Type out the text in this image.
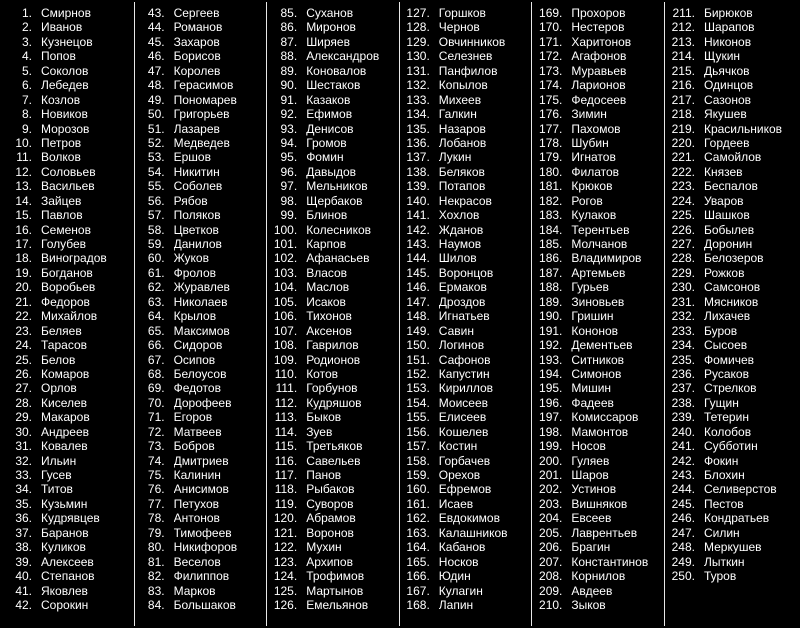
1. Смирнов
2. Иванов
3. Кузнецов
4. Попов
5. Соколов
6. Лебедев
7. Козлов
8. Новиков
9. Морозов
10. Петров
11. Волков
12. Соловьев
13. Васильев
14. Зайцев
15. Павлов
16. Семенов
17. Голубев
18. Виноградов
19. Богданов
20. Воробьев
21. Федоров
22. Михайлов
23. Беляев
24. Тарасов
25. Белов
26. Комаров
27. Орлов
28. Киселев
29. Макаров
30. Андреев
31. Ковалев
32. Ильин
33. Гусев
34. Титов
35. Кузьмин
36. Кудрявцев
37. Баранов
38. Куликов
39. Алексеев
40. Степанов
41. Яковлев
42. Сорокин
43. Сергеев
44. Романов
45. Захаров
46. Борисов
47. Королев
48. Герасимов
49. Пономарев
50. Григорьев
51. Лазарев
52. Медведев
53. Ершов
54. Никитин
55. Соболев
56. Рябов
57. Поляков
58. Цветков
59. Данилов
60. Жуков
61. Фролов
62. Журавлев
63. Николаев
64. Крылов
65. Максимов
66. Сидоров
67. Осипов
68. Белоусов
69. Федотов
70. Дорофеев
71. Егоров
72. Матвеев
73. Бобров
74. Дмитриев
75. Калинин
76. Анисимов
77. Петухов
78. Антонов
79. Тимофеев
80. Никифоров
81. Веселов
82. Филиппов
83. Марков
84. Большаков
85. Суханов
86. Миронов
87. Ширяев
88. Александров
89. Коновалов
90. Шестаков
91. Казаков
92. Ефимов
93. Денисов
94. Громов
95. Фомин
96. Давыдов
97. Мельников
98. Щербаков
99. Блинов
100. Колесников
101. Карпов
102. Афанасьев
103. Власов
104. Маслов
105. Исаков
106. Тихонов
107. Аксенов
108. Гаврилов
109. Родионов
110. Котов
111. Горбунов
112. Кудряшов
113. Быков
114. Зуев
115. Третьяков
116. Савельев
117. Панов
118. Рыбаков
119. Суворов
120. Абрамов
121. Воронов
122. Мухин
123. Архипов
124. Трофимов
125. Мартынов
126. Емельянов
127. Горшков
128. Чернов
129. Овчинников
130. Селезнев
131. Панфилов
132. Копылов
133. Михеев
134. Галкин
135. Назаров
136. Лобанов
137. Лукин
138. Беляков
139. Потапов
140. Некрасов
141. Хохлов
142. Жданов
143. Наумов
144. Шилов
145. Воронцов
146. Ермаков
147. Дроздов
148. Игнатьев
149. Савин
150. Логинов
151. Сафонов
152. Капустин
153. Кириллов
154. Моисеев
155. Елисеев
156. Кошелев
157. Костин
158. Горбачев
159. Орехов
160. Ефремов
161. Исаев
162. Евдокимов
163. Калашников
164. Кабанов
165. Носков
166. Юдин
167. Кулагин
168. Лапин
169. Прохоров
170. Нестеров
171. Харитонов
172. Агафонов
173. Муравьев
174. Ларионов
175. Федосеев
176. Зимин
177. Пахомов
178. Шубин
179. Игнатов
180. Филатов
181. Крюков
182. Рогов
183. Кулаков
184. Терентьев
185. Молчанов
186. Владимиров
187. Артемьев
188. Гурьев
189. Зиновьев
190. Гришин
191. Кононов
192. Дементьев
193. Ситников
194. Симонов
195. Мишин
196. Фадеев
197. Комиссаров
198. Мамонтов
199. Носов
200. Гуляев
201. Шаров
202. Устинов
203. Вишняков
204. Евсеев
205. Лаврентьев
206. Брагин
207. Константинов
208. Корнилов
209. Авдеев
210. Зыков
211. Бирюков
212. Шарапов
213. Никонов
214. Щукин
215. Дьячков
216. Одинцов
217. Сазонов
218. Якушев
219. Красильников
220. Гордеев
221. Самойлов
222. Князев
223. Беспалов
224. Уваров
225. Шашков
226. Бобылев
227. Доронин
228. Белозеров
229. Рожков
230. Самсонов
231. Мясников
232. Лихачев
233. Буров
234. Сысоев
235. Фомичев
236. Русаков
237. Стрелков
238. Гущин
239. Тетерин
240. Колобов
241. Субботин
242. Фокин
243. Блохин
244. Селиверстов
245. Пестов
246. Кондратьев
247. Силин
248. Меркушев
249. Лыткин
250. Туров
